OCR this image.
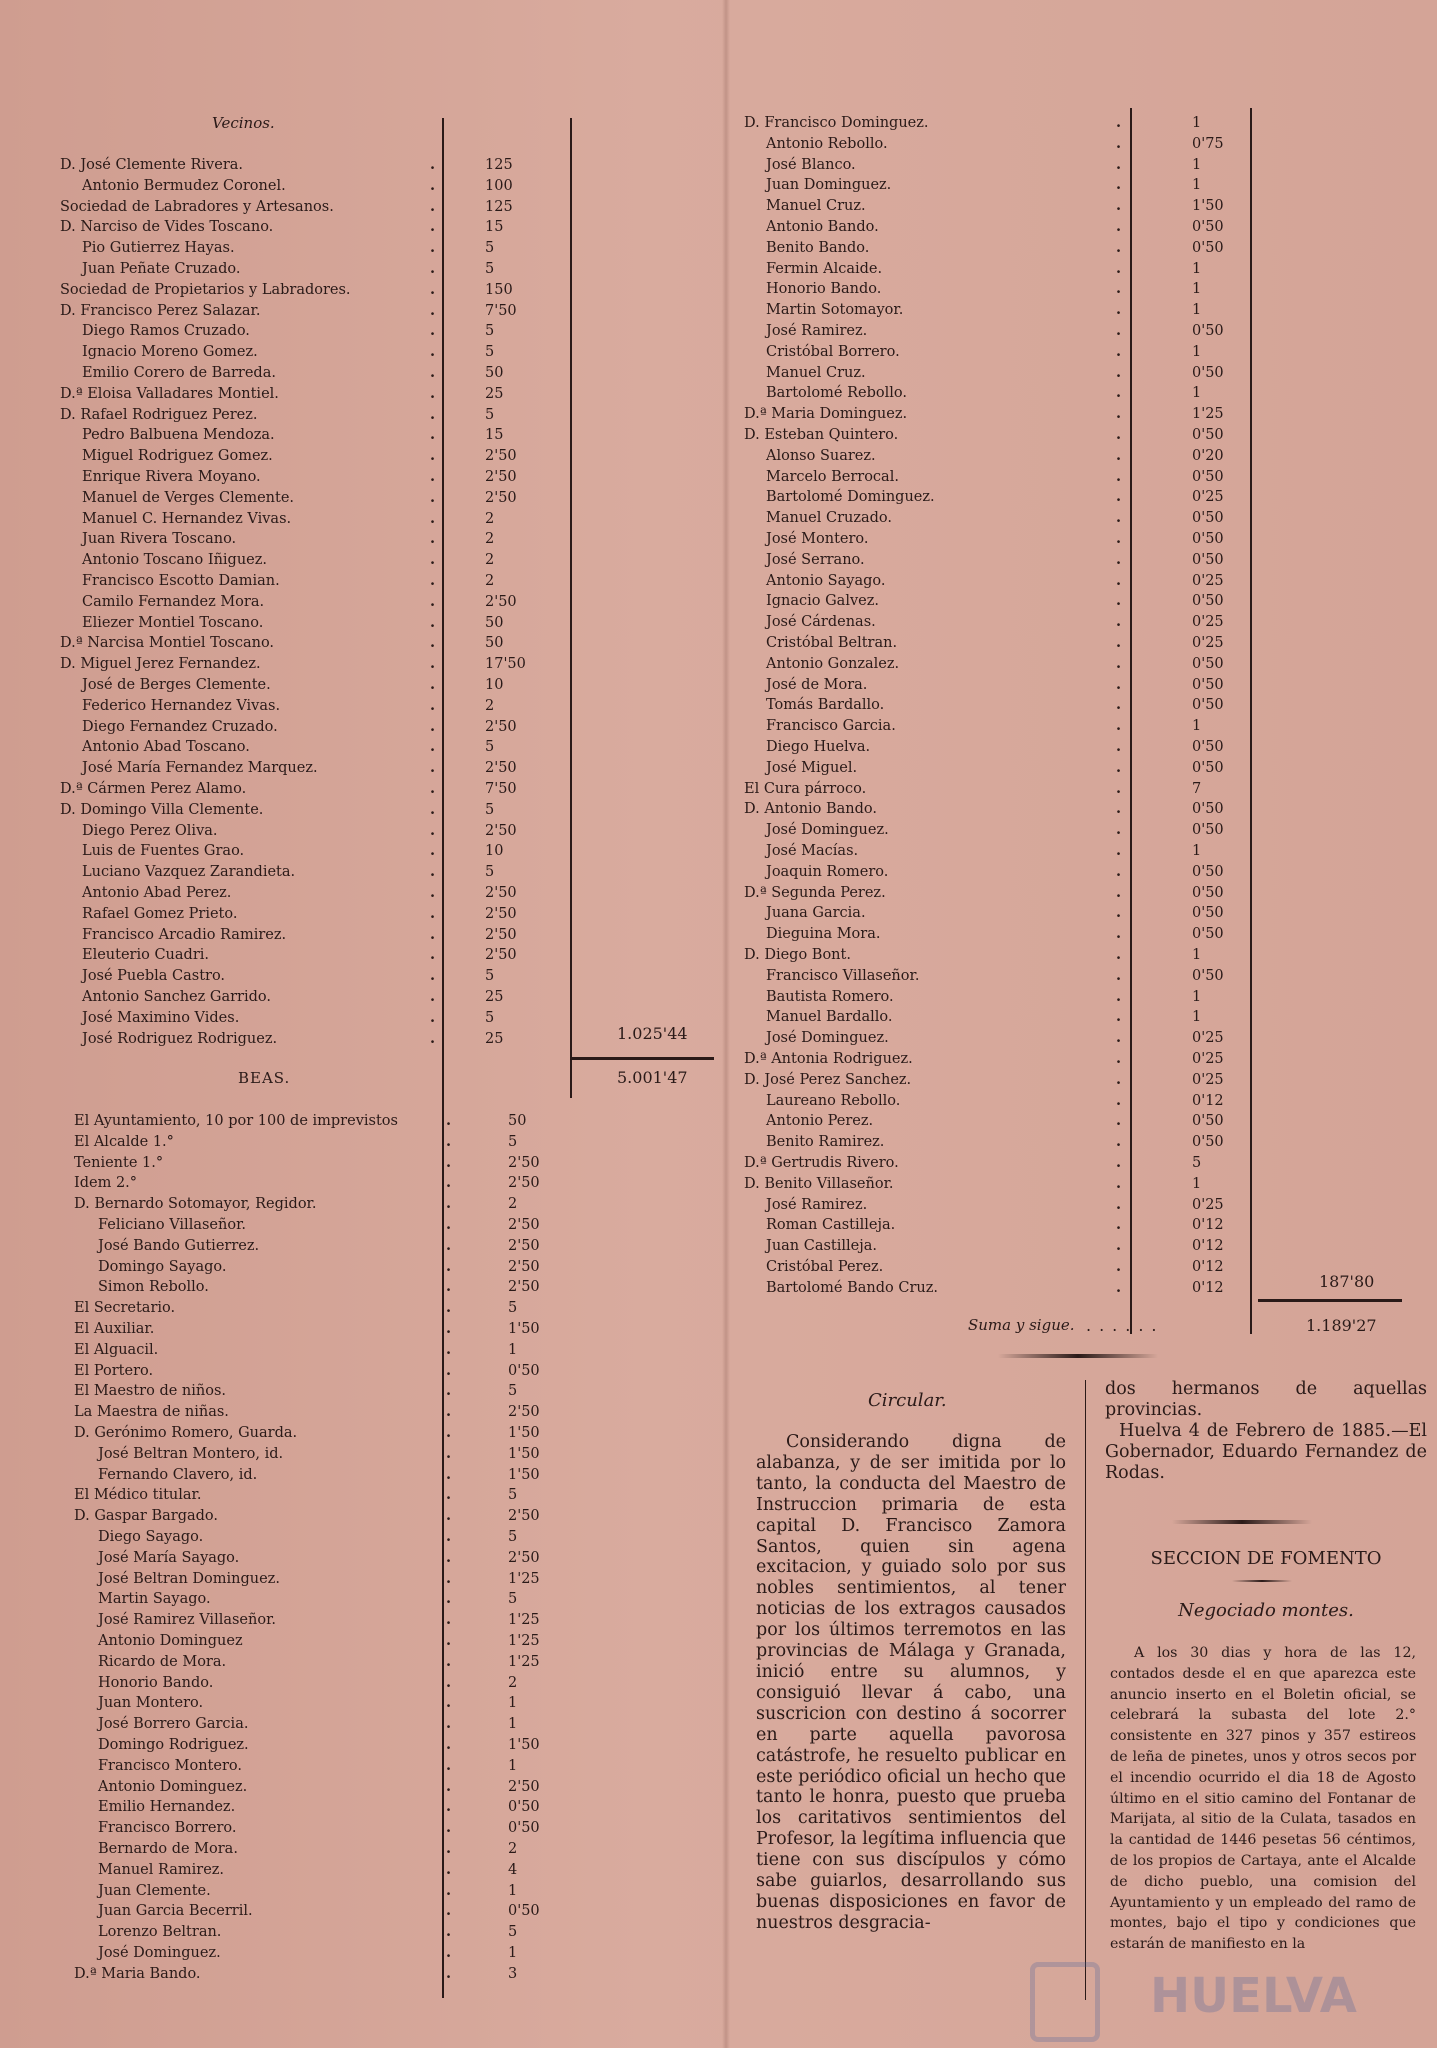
Vecinos.
D. José Clemente Rivera.	.	125
Antonio Bermudez Coronel.	.	100
Sociedad de Labradores y Artesanos.	.	125
D. Narciso de Vides Toscano.	.	15
Pio Gutierrez Hayas.	.	5
Juan Peñate Cruzado.	.	5
Sociedad de Propietarios y Labradores.	.	150
D. Francisco Perez Salazar.	.	7'50
Diego Ramos Cruzado.	.	5
Ignacio Moreno Gomez.	.	5
Emilio Corero de Barreda.	.	50
D.ª Eloisa Valladares Montiel.	.	25
D. Rafael Rodriguez Perez.	.	5
Pedro Balbuena Mendoza.	.	15
Miguel Rodriguez Gomez.	.	2'50
Enrique Rivera Moyano.	.	2'50
Manuel de Verges Clemente.	.	2'50
Manuel C. Hernandez Vivas.	.	2
Juan Rivera Toscano.	.	2
Antonio Toscano Iñiguez.	.	2
Francisco Escotto Damian.	.	2
Camilo Fernandez Mora.	.	2'50
Eliezer Montiel Toscano.	.	50
D.ª Narcisa Montiel Toscano.	.	50
D. Miguel Jerez Fernandez.	.	17'50
José de Berges Clemente.	.	10
Federico Hernandez Vivas.	.	2
Diego Fernandez Cruzado.	.	2'50
Antonio Abad Toscano.	.	5
José María Fernandez Marquez.	.	2'50
D.ª Cármen Perez Alamo.	.	7'50
D. Domingo Villa Clemente.	.	5
Diego Perez Oliva.	.	2'50
Luis de Fuentes Grao.	.	10
Luciano Vazquez Zarandieta.	.	5
Antonio Abad Perez.	.	2'50
Rafael Gomez Prieto.	.	2'50
Francisco Arcadio Ramirez.	.	2'50
Eleuterio Cuadri.	.	2'50
José Puebla Castro.	.	5
Antonio Sanchez Garrido.	.	25
José Maximino Vides.	.	5
José Rodriguez Rodriguez.	.	25	1.025'44
5.001'47
BEAS.
El Ayuntamiento, 10 por 100 de imprevistos	.	50
El Alcalde 1.°	.	5
Teniente 1.°	.	2'50
Idem 2.°	.	2'50
D. Bernardo Sotomayor, Regidor.	.	2
Feliciano Villaseñor.	.	2'50
José Bando Gutierrez.	.	2'50
Domingo Sayago.	.	2'50
Simon Rebollo.	.	2'50
El Secretario.	.	5
El Auxiliar.	.	1'50
El Alguacil.	.	1
El Portero.	.	0'50
El Maestro de niños.	.	5
La Maestra de niñas.	.	2'50
D. Gerónimo Romero, Guarda.	.	1'50
José Beltran Montero, id.	.	1'50
Fernando Clavero, id.	.	1'50
El Médico titular.	.	5
D. Gaspar Bargado.	.	2'50
Diego Sayago.	.	5
José María Sayago.	.	2'50
José Beltran Dominguez.	.	1'25
Martin Sayago.	.	5
José Ramirez Villaseñor.	.	1'25
Antonio Dominguez	.	1'25
Ricardo de Mora.	.	1'25
Honorio Bando.	.	2
Juan Montero.	.	1
José Borrero Garcia.	.	1
Domingo Rodriguez.	.	1'50
Francisco Montero.	.	1
Antonio Dominguez.	.	2'50
Emilio Hernandez.	.	0'50
Francisco Borrero.	.	0'50
Bernardo de Mora.	.	2
Manuel Ramirez.	.	4
Juan Clemente.	.	1
Juan Garcia Becerril.	.	0'50
Lorenzo Beltran.	.	5
José Dominguez.	.	1
D.ª Maria Bando.	.	3
D. Francisco Dominguez.	.	1
Antonio Rebollo.	.	0'75
José Blanco.	.	1
Juan Dominguez.	.	1
Manuel Cruz.	.	1'50
Antonio Bando.	.	0'50
Benito Bando.	.	0'50
Fermin Alcaide.	.	1
Honorio Bando.	.	1
Martin Sotomayor.	.	1
José Ramirez.	.	0'50
Cristóbal Borrero.	.	1
Manuel Cruz.	.	0'50
Bartolomé Rebollo.	.	1
D.ª Maria Dominguez.	.	1'25
D. Esteban Quintero.	.	0'50
Alonso Suarez.	.	0'20
Marcelo Berrocal.	.	0'50
Bartolomé Dominguez.	.	0'25
Manuel Cruzado.	.	0'50
José Montero.	.	0'50
José Serrano.	.	0'50
Antonio Sayago.	.	0'25
Ignacio Galvez.	.	0'50
José Cárdenas.	.	0'25
Cristóbal Beltran.	.	0'25
Antonio Gonzalez.	.	0'50
José de Mora.	.	0'50
Tomás Bardallo.	.	0'50
Francisco Garcia.	.	1
Diego Huelva.	.	0'50
José Miguel.	.	0'50
El Cura párroco.	.	7
D. Antonio Bando.	.	0'50
José Dominguez.	.	0'50
José Macías.	.	1
Joaquin Romero.	.	0'50
D.ª Segunda Perez.	.	0'50
Juana Garcia.	.	0'50
Dieguina Mora.	.	0'50
D. Diego Bont.	.	1
Francisco Villaseñor.	.	0'50
Bautista Romero.	.	1
Manuel Bardallo.	.	1
José Dominguez.	.	0'25
D.ª Antonia Rodriguez.	.	0'25
D. José Perez Sanchez.	.	0'25
Laureano Rebollo.	.	0'12
Antonio Perez.	.	0'50
Benito Ramirez.	.	0'50
D.ª Gertrudis Rivero.	.	5
D. Benito Villaseñor.	.	1
José Ramirez.	.	0'25
Roman Castilleja.	.	0'12
Juan Castilleja.	.	0'12
Cristóbal Perez.	.	0'12
Bartolomé Bando Cruz.	.	0'12	187'80
Suma y sigue. ......	1.189'27
Circular.

Considerando digna de alabanza, y de ser imitida por lo tanto, la conducta del Maestro de Instruccion primaria de esta capital D. Francisco Zamora Santos, quien sin agena excitacion, y guiado solo por sus nobles sentimientos, al tener noticias de los extragos causados por los últimos terremotos en las provincias de Málaga y Granada, inició entre su alumnos, y consiguió llevar á cabo, una suscricion con destino á socorrer en parte aquella pavorosa catástrofe, he resuelto publicar en este periódico oficial un hecho que tanto le honra, puesto que prueba los caritativos sentimientos del Profesor, la legítima influencia que tiene con sus discípulos y cómo sabe guiarlos, desarrollando sus buenas disposiciones en favor de nuestros desgracia-

dos hermanos de aquellas provincias.
Huelva 4 de Febrero de 1885.—El Gobernador, Eduardo Fernandez de Rodas.
SECCION DE FOMENTO
Negociado montes.
A los 30 dias y hora de las 12, contados desde el en que aparezca este anuncio inserto en el Boletin oficial, se celebrará la subasta del lote 2.° consistente en 327 pinos y 357 estireos de leña de pinetes, unos y otros secos por el incendio ocurrido el dia 18 de Agosto último en el sitio camino del Fontanar de Marijata, al sitio de la Culata, tasados en la cantidad de 1446 pesetas 56 céntimos, de los propios de Cartaya, ante el Alcalde de dicho pueblo, una comision del Ayuntamiento y un empleado del ramo de montes, bajo el tipo y condiciones que estarán de manifiesto en la
HUELVA
